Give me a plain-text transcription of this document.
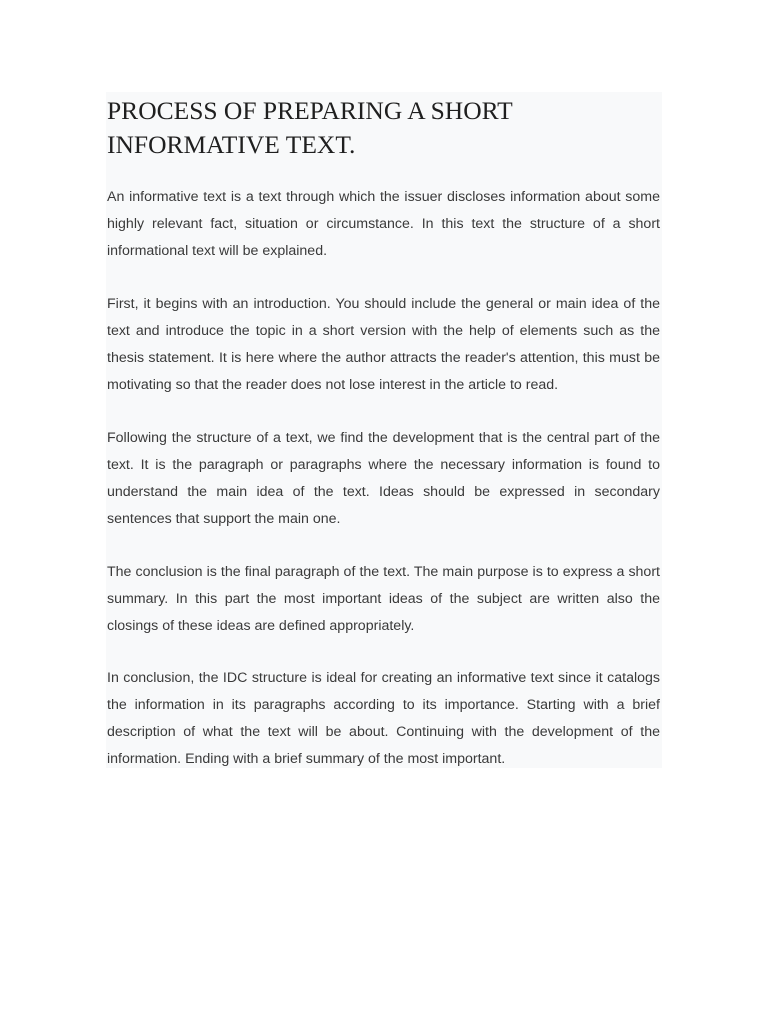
PROCESS OF PREPARING A SHORT INFORMATIVE TEXT.

An informative text is a text through which the issuer discloses information about some highly relevant fact, situation or circumstance. In this text the structure of a short informational text will be explained.

First, it begins with an introduction. You should include the general or main idea of the text and introduce the topic in a short version with the help of elements such as the thesis statement. It is here where the author attracts the reader's attention, this must be motivating so that the reader does not lose interest in the article to read.

Following the structure of a text, we find the development that is the central part of the text. It is the paragraph or paragraphs where the necessary information is found to understand the main idea of the text. Ideas should be expressed in secondary sentences that support the main one.

The conclusion is the final paragraph of the text. The main purpose is to express a short summary. In this part the most important ideas of the subject are written also the closings of these ideas are defined appropriately.

In conclusion, the IDC structure is ideal for creating an informative text since it catalogs the information in its paragraphs according to its importance. Starting with a brief description of what the text will be about. Continuing with the development of the information. Ending with a brief summary of the most important.
